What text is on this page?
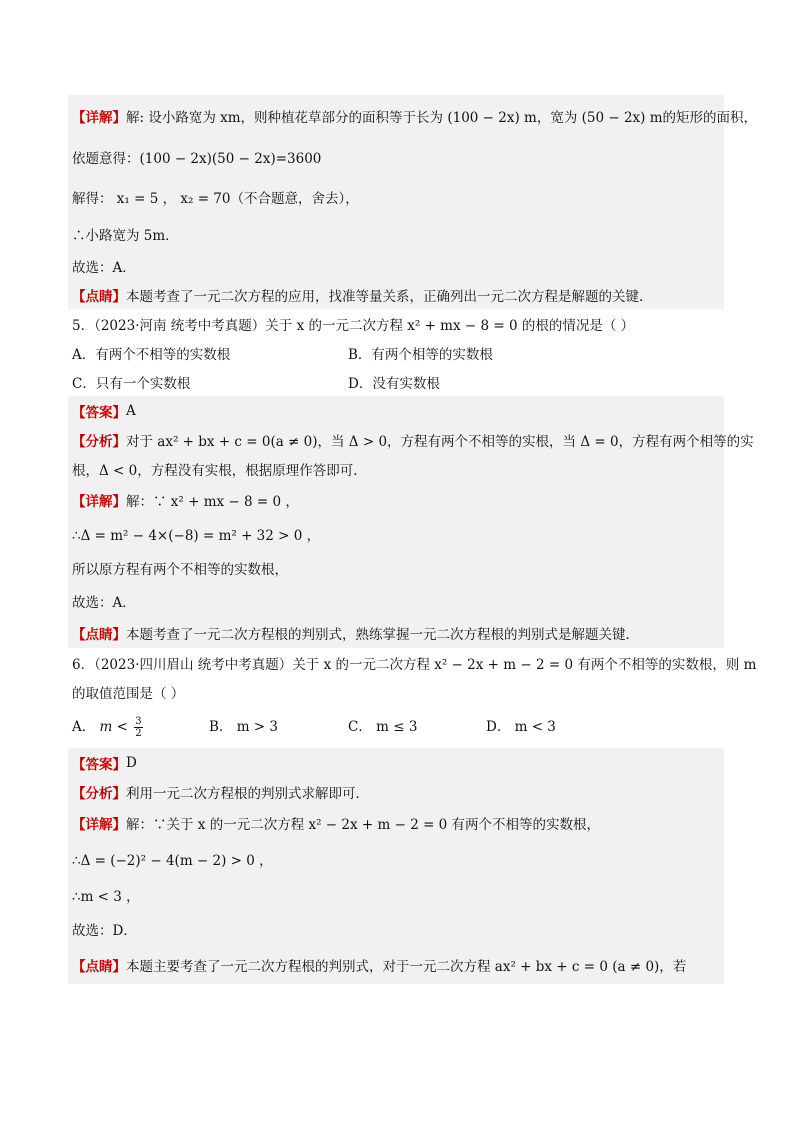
【详解】 解: 设小路宽为 xm，则种植花草部分的面积等于长为 (100 − 2x) m，宽为 (50 − 2x) m的矩形的面积，
依题意得：(100 − 2x)(50 − 2x)=3600
解得： x₁ = 5 ， x₂ = 70（不合题意，舍去），
∴小路宽为 5m．
故选：A．
【点睛】 本题考查了一元二次方程的应用，找准等量关系，正确列出一元二次方程是解题的关键．
5．（2023·河南 统考中考真题）关于 x 的一元二次方程 x² + mx − 8 = 0 的根的情况是（ ）
A．有两个不相等的实数根	B．有两个相等的实数根
C．只有一个实数根	D．没有实数根
【答案】 A
【分析】 对于 ax² + bx + c = 0(a ≠ 0)，当 Δ > 0，方程有两个不相等的实根，当 Δ = 0，方程有两个相等的实
根，Δ < 0，方程没有实根，根据原理作答即可．
【详解】 解：∵ x² + mx − 8 = 0 ，
∴Δ = m² − 4×(−8) = m² + 32 > 0 ，
所以原方程有两个不相等的实数根，
故选：A．
【点睛】 本题考查了一元二次方程根的判别式，熟练掌握一元二次方程根的判别式是解题关键．
6．（2023·四川眉山 统考中考真题）关于 x 的一元二次方程 x² − 2x + m − 2 = 0 有两个不相等的实数根，则 m
的取值范围是（ ）
A． $m < \frac{3}{2}$	B． m > 3	C． m ≤ 3	D． m < 3
【答案】 D
【分析】 利用一元二次方程根的判别式求解即可．
【详解】 解：∵关于 x 的一元二次方程 x² − 2x + m − 2 = 0 有两个不相等的实数根，
∴Δ = (−2)² − 4(m − 2) > 0 ，
∴m < 3 ，
故选：D．
【点睛】 本题主要考查了一元二次方程根的判别式，对于一元二次方程 ax² + bx + c = 0 (a ≠ 0)，若
